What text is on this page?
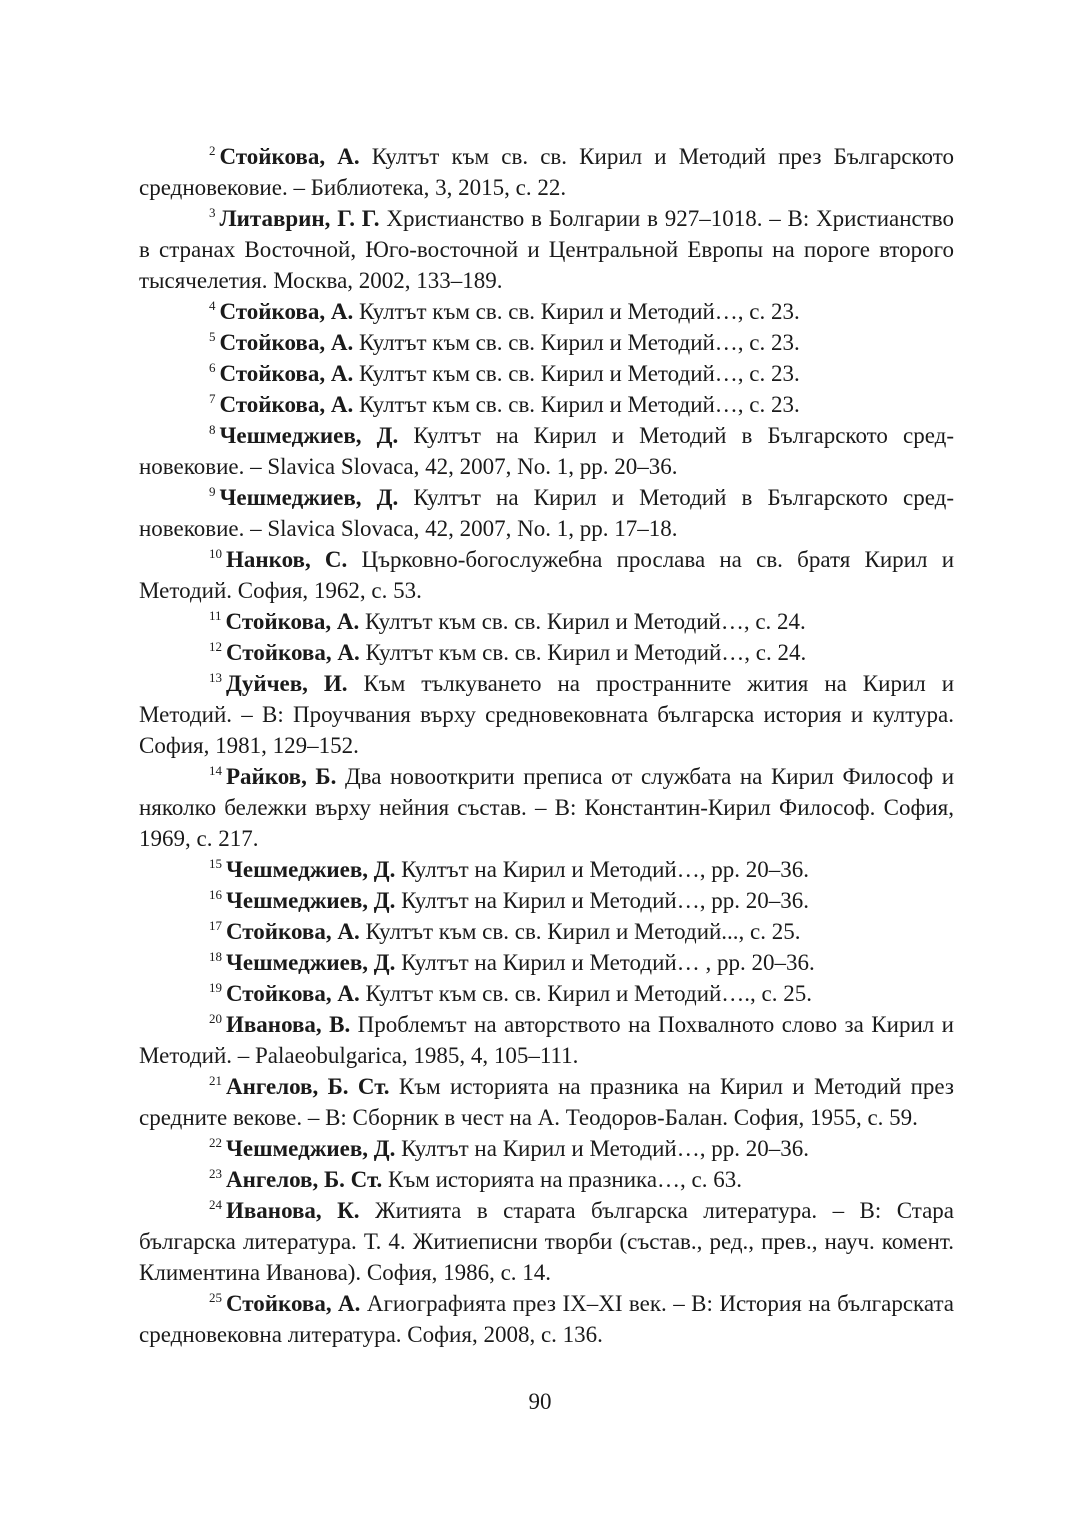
$^2$ Стойкова, А. Култът към св. св. Кирил и Методий през Българското средновековие. – Библиотека, 3, 2015, с. 22.

$^3$ Литаврин, Г. Г. Христианство в Болгарии в 927–1018. – В: Христианство в странах Восточной, Юго-восточной и Центральной Европы на пороге второго тысячелетия. Москва, 2002, 133–189.

$^4$ Стойкова, А. Култът към св. св. Кирил и Методий…, с. 23.

$^5$ Стойкова, А. Култът към св. св. Кирил и Методий…, с. 23.

$^6$ Стойкова, А. Култът към св. св. Кирил и Методий…, с. 23.

$^7$ Стойкова, А. Култът към св. св. Кирил и Методий…, с. 23.

$^8$ Чешмеджиев, Д. Култът на Кирил и Методий в Българското средновековие. – Slavica Slovaca, 42, 2007, No. 1, pp. 20–36.

$^9$ Чешмеджиев, Д. Култът на Кирил и Методий в Българското средновековие. – Slavica Slovaca, 42, 2007, No. 1, pp. 17–18.

$^{10}$ Нанков, С. Църковно-богослужебна прослава на св. братя Кирил и Методий. София, 1962, с. 53.

$^{11}$ Стойкова, А. Култът към св. св. Кирил и Методий…, с. 24.

$^{12}$ Стойкова, А. Култът към св. св. Кирил и Методий…, с. 24.

$^{13}$ Дуйчев, И. Към тълкуването на пространните жития на Кирил и Методий. – В: Проучвания върху средновековната българска история и култура. София, 1981, 129–152.

$^{14}$ Райков, Б. Два новооткрити преписа от службата на Кирил Философ и няколко бележки върху нейния състав. – В: Константин-Кирил Философ. София, 1969, с. 217.

$^{15}$ Чешмеджиев, Д. Култът на Кирил и Методий…, pp. 20–36.

$^{16}$ Чешмеджиев, Д. Култът на Кирил и Методий…, pp. 20–36.

$^{17}$ Стойкова, А. Култът към св. св. Кирил и Методий..., с. 25.

$^{18}$ Чешмеджиев, Д. Култът на Кирил и Методий… , pp. 20–36.

$^{19}$ Стойкова, А. Култът към св. св. Кирил и Методий…., с. 25.

$^{20}$ Иванова, В. Проблемът на авторството на Похвалното слово за Кирил и Методий. – Palaeobulgarica, 1985, 4, 105–111.

$^{21}$ Ангелов, Б. Ст. Към историята на празника на Кирил и Методий през средните векове. – В: Сборник в чест на А. Теодоров-Балан. София, 1955, с. 59.

$^{22}$ Чешмеджиев, Д. Култът на Кирил и Методий…, pp. 20–36.

$^{23}$ Ангелов, Б. Ст. Към историята на празника…, с. 63.

$^{24}$ Иванова, К. Житията в старата българска литература. – В: Стара българска литература. Т. 4. Житиеписни творби (състав., ред., прев., науч. комент. Климентина Иванова). София, 1986, с. 14.

$^{25}$ Стойкова, А. Агиографията през IX–XI век. – В: История на българската средновековна литература. София, 2008, с. 136.

90
